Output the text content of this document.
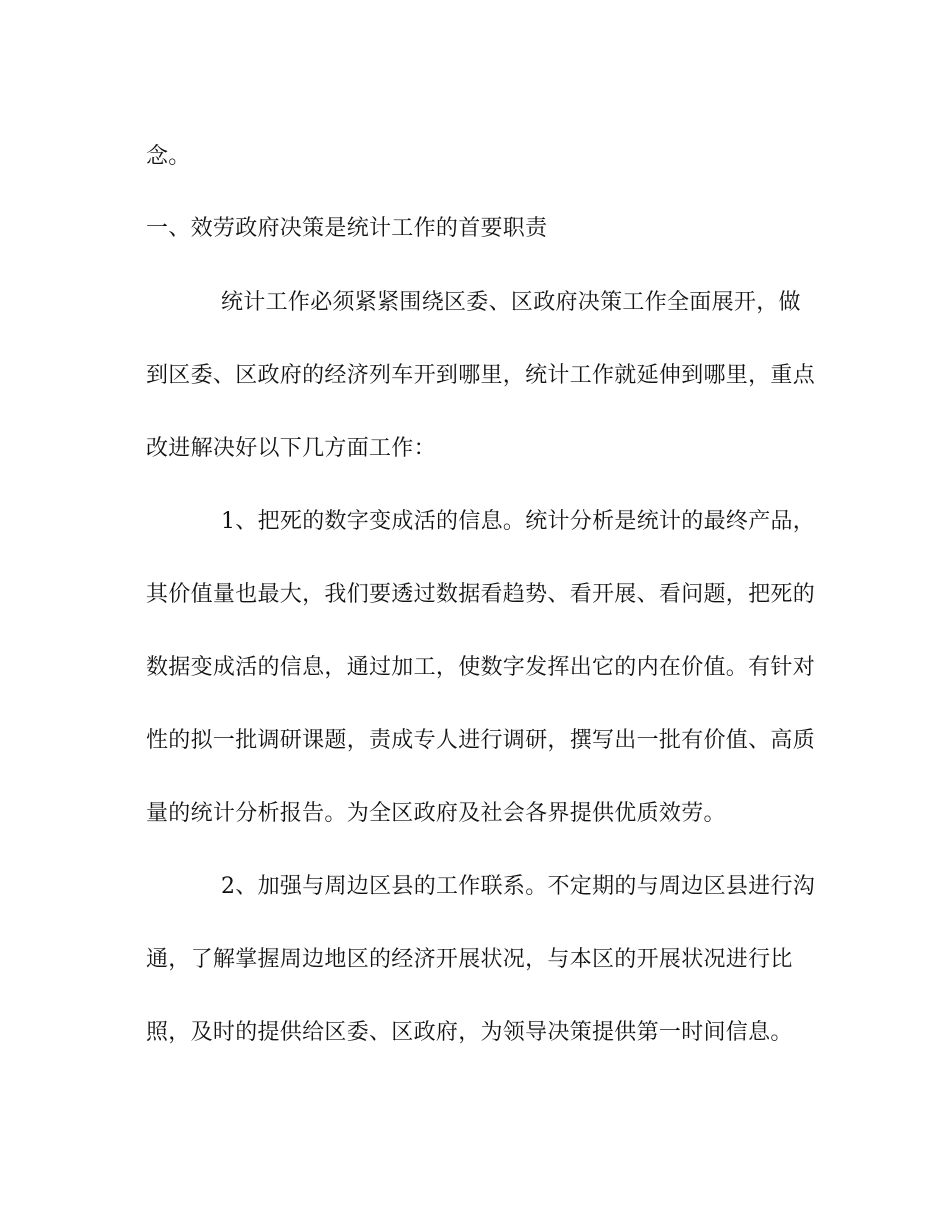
念。
一、效劳政府决策是统计工作的首要职责
统计工作必须紧紧围绕区委、区政府决策工作全面展开，做
到区委、区政府的经济列车开到哪里，统计工作就延伸到哪里，重点
改进解决好以下几方面工作：
1、把死的数字变成活的信息。统计分析是统计的最终产品，
其价值量也最大，我们要透过数据看趋势、看开展、看问题，把死的
数据变成活的信息，通过加工，使数字发挥出它的内在价值。有针对
性的拟一批调研课题，责成专人进行调研，撰写出一批有价值、高质
量的统计分析报告。为全区政府及社会各界提供优质效劳。
2、加强与周边区县的工作联系。不定期的与周边区县进行沟
通，了解掌握周边地区的经济开展状况，与本区的开展状况进行比
照，及时的提供给区委、区政府，为领导决策提供第一时间信息。
